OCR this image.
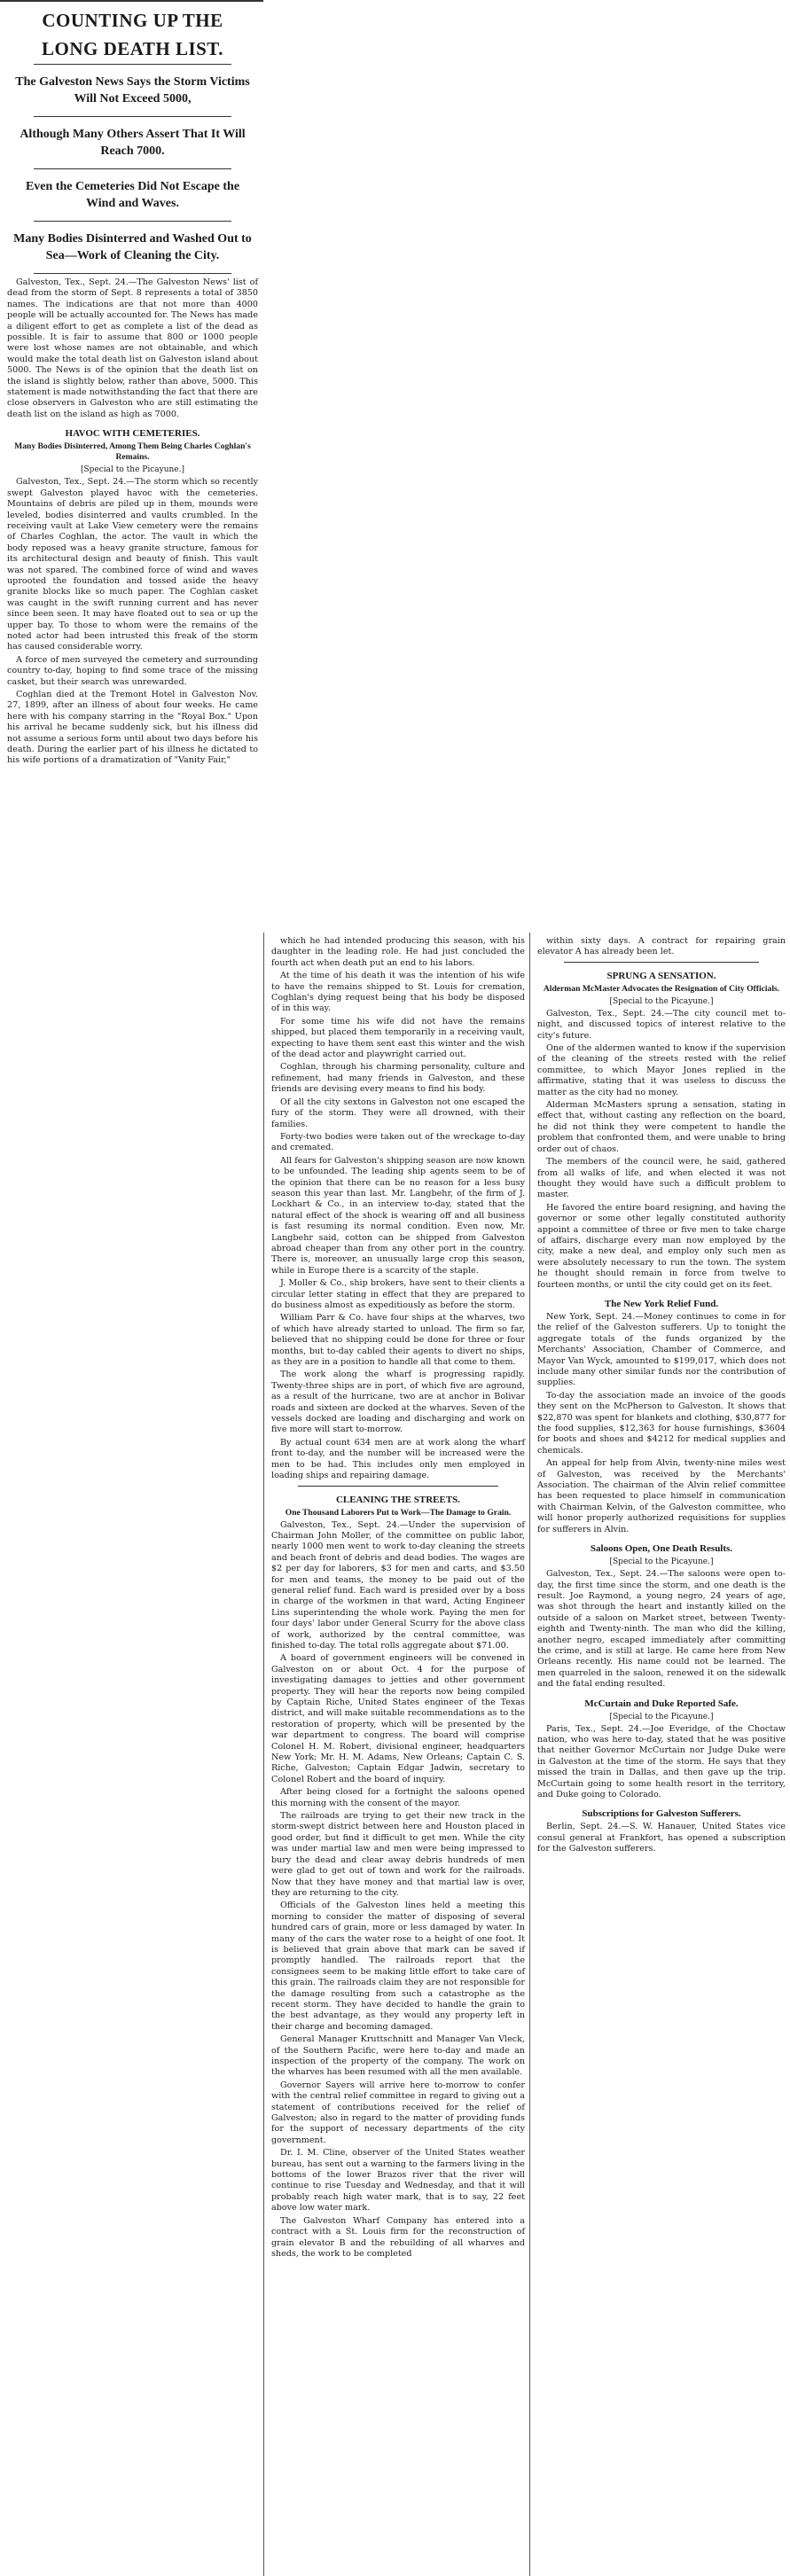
COUNTING UP THE

LONG DEATH LIST.

The Galveston News Says the Storm Victims Will Not Exceed 5000,

Although Many Others Assert That It Will Reach 7000.

Even the Cemeteries Did Not Escape the Wind and Waves.

Many Bodies Disinterred and Washed Out to Sea—Work of Cleaning the City.

Galveston, Tex., Sept. 24.—The Galveston News' list of dead from the storm of Sept. 8 represents a total of 3850 names. The indications are that not more than 4000 people will be actually accounted for. The News has made a diligent effort to get as complete a list of the dead as possible. It is fair to assume that 800 or 1000 people were lost whose names are not obtainable, and which would make the total death list on Galveston island about 5000. The News is of the opinion that the death list on the island is slightly below, rather than above, 5000. This statement is made notwithstanding the fact that there are close observers in Galveston who are still estimating the death list on the island as high as 7000.

HAVOC WITH CEMETERIES.

Many Bodies Disinterred, Among Them Being Charles Coghlan's Remains.

[Special to the Picayune.]

Galveston, Tex., Sept. 24.—The storm which so recently swept Galveston played havoc with the cemeteries. Mountains of debris are piled up in them, mounds were leveled, bodies disinterred and vaults crumbled. In the receiving vault at Lake View cemetery were the remains of Charles Coghlan, the actor. The vault in which the body reposed was a heavy granite structure, famous for its architectural design and beauty of finish. This vault was not spared. The combined force of wind and waves uprooted the foundation and tossed aside the heavy granite blocks like so much paper. The Coghlan casket was caught in the swift running current and has never since been seen. It may have floated out to sea or up the upper bay. To those to whom were the remains of the noted actor had been intrusted this freak of the storm has caused considerable worry.

A force of men surveyed the cemetery and surrounding country to-day, hoping to find some trace of the missing casket, but their search was unrewarded.

Coghlan died at the Tremont Hotel in Galveston Nov. 27, 1899, after an illness of about four weeks. He came here with his company starring in the "Royal Box." Upon his arrival he became suddenly sick, but his illness did not assume a serious form until about two days before his death. During the earlier part of his illness he dictated to his wife portions of a dramatization of "Vanity Fair,"

which he had intended producing this season, with his daughter in the leading role. He had just concluded the fourth act when death put an end to his labors.

At the time of his death it was the intention of his wife to have the remains shipped to St. Louis for cremation, Coghlan's dying request being that his body be disposed of in this way.

For some time his wife did not have the remains shipped, but placed them temporarily in a receiving vault, expecting to have them sent east this winter and the wish of the dead actor and playwright carried out.

Coghlan, through his charming personality, culture and refinement, had many friends in Galveston, and these friends are devising every means to find his body.

Of all the city sextons in Galveston not one escaped the fury of the storm. They were all drowned, with their families.

Forty-two bodies were taken out of the wreckage to-day and cremated.

All fears for Galveston's shipping season are now known to be unfounded. The leading ship agents seem to be of the opinion that there can be no reason for a less busy season this year than last. Mr. Langbehr, of the firm of J. Lockhart & Co., in an interview to-day, stated that the natural effect of the shock is wearing off and all business is fast resuming its normal condition. Even now, Mr. Langbehr said, cotton can be shipped from Galveston abroad cheaper than from any other port in the country. There is, moreover, an unusually large crop this season, while in Europe there is a scarcity of the staple.

J. Moller & Co., ship brokers, have sent to their clients a circular letter stating in effect that they are prepared to do business almost as expeditiously as before the storm.

William Parr & Co. have four ships at the wharves, two of which have already started to unload. The firm so far, believed that no shipping could be done for three or four months, but to-day cabled their agents to divert no ships, as they are in a position to handle all that come to them.

The work along the wharf is progressing rapidly. Twenty-three ships are in port, of which five are aground, as a result of the hurricane, two are at anchor in Bolivar roads and sixteen are docked at the wharves. Seven of the vessels docked are loading and discharging and work on five more will start to-morrow.

By actual count 634 men are at work along the wharf front to-day, and the number will be increased were the men to be had. This includes only men employed in loading ships and repairing damage.

CLEANING THE STREETS.

One Thousand Laborers Put to Work—The Damage to Grain.

Galveston, Tex., Sept. 24.—Under the supervision of Chairman John Moller, of the committee on public labor, nearly 1000 men went to work to-day cleaning the streets and beach front of debris and dead bodies. The wages are $2 per day for laborers, $3 for men and carts, and $3.50 for men and teams, the money to be paid out of the general relief fund. Each ward is presided over by a boss in charge of the workmen in that ward, Acting Engineer Lins superintending the whole work. Paying the men for four days' labor under General Scurry for the above class of work, authorized by the central committee, was finished to-day. The total rolls aggregate about $71.00.

A board of government engineers will be convened in Galveston on or about Oct. 4 for the purpose of investigating damages to jetties and other government property. They will hear the reports now being compiled by Captain Riche, United States engineer of the Texas district, and will make suitable recommendations as to the restoration of property, which will be presented by the war department to congress. The board will comprise Colonel H. M. Robert, divisional engineer, headquarters New York; Mr. H. M. Adams, New Orleans; Captain C. S. Riche, Galveston; Captain Edgar Jadwin, secretary to Colonel Robert and the board of inquiry.

After being closed for a fortnight the saloons opened this morning with the consent of the mayor.

The railroads are trying to get their new track in the storm-swept district between here and Houston placed in good order, but find it difficult to get men. While the city was under martial law and men were being impressed to bury the dead and clear away debris hundreds of men were glad to get out of town and work for the railroads. Now that they have money and that martial law is over, they are returning to the city.

Officials of the Galveston lines held a meeting this morning to consider the matter of disposing of several hundred cars of grain, more or less damaged by water. In many of the cars the water rose to a height of one foot. It is believed that grain above that mark can be saved if promptly handled. The railroads report that the consignees seem to be making little effort to take care of this grain. The railroads claim they are not responsible for the damage resulting from such a catastrophe as the recent storm. They have decided to handle the grain to the best advantage, as they would any property left in their charge and becoming damaged.

General Manager Kruttschnitt and Manager Van Vleck, of the Southern Pacific, were here to-day and made an inspection of the property of the company. The work on the wharves has been resumed with all the men available.

Governor Sayers will arrive here to-morrow to confer with the central relief committee in regard to giving out a statement of contributions received for the relief of Galveston; also in regard to the matter of providing funds for the support of necessary departments of the city government.

Dr. I. M. Cline, observer of the United States weather bureau, has sent out a warning to the farmers living in the bottoms of the lower Brazos river that the river will continue to rise Tuesday and Wednesday, and that it will probably reach high water mark, that is to say, 22 feet above low water mark.

The Galveston Wharf Company has entered into a contract with a St. Louis firm for the reconstruction of grain elevator B and the rebuilding of all wharves and sheds, the work to be completed

within sixty days. A contract for repairing grain elevator A has already been let.

SPRUNG A SENSATION.

Alderman McMaster Advocates the Resignation of City Officials.

[Special to the Picayune.]

Galveston, Tex., Sept. 24.—The city council met to-night, and discussed topics of interest relative to the city's future.

One of the aldermen wanted to know if the supervision of the cleaning of the streets rested with the relief committee, to which Mayor Jones replied in the affirmative, stating that it was useless to discuss the matter as the city had no money.

Alderman McMasters sprung a sensation, stating in effect that, without casting any reflection on the board, he did not think they were competent to handle the problem that confronted them, and were unable to bring order out of chaos.

The members of the council were, he said, gathered from all walks of life, and when elected it was not thought they would have such a difficult problem to master.

He favored the entire board resigning, and having the governor or some other legally constituted authority appoint a committee of three or five men to take charge of affairs, discharge every man now employed by the city, make a new deal, and employ only such men as were absolutely necessary to run the town. The system he thought should remain in force from twelve to fourteen months, or until the city could get on its feet.

The New York Relief Fund.

New York, Sept. 24.—Money continues to come in for the relief of the Galveston sufferers. Up to tonight the aggregate totals of the funds organized by the Merchants' Association, Chamber of Commerce, and Mayor Van Wyck, amounted to $199,017, which does not include many other similar funds nor the contribution of supplies.

To-day the association made an invoice of the goods they sent on the McPherson to Galveston. It shows that $22,870 was spent for blankets and clothing, $30,877 for the food supplies, $12,363 for house furnishings, $3604 for boots and shoes and $4212 for medical supplies and chemicals.

An appeal for help from Alvin, twenty-nine miles west of Galveston, was received by the Merchants' Association. The chairman of the Alvin relief committee has been requested to place himself in communication with Chairman Kelvin, of the Galveston committee, who will honor properly authorized requisitions for supplies for sufferers in Alvin.

Saloons Open, One Death Results.

[Special to the Picayune.]

Galveston, Tex., Sept. 24.—The saloons were open to-day, the first time since the storm, and one death is the result. Joe Raymond, a young negro, 24 years of age, was shot through the heart and instantly killed on the outside of a saloon on Market street, between Twenty-eighth and Twenty-ninth. The man who did the killing, another negro, escaped immediately after committing the crime, and is still at large. He came here from New Orleans recently. His name could not be learned. The men quarreled in the saloon, renewed it on the sidewalk and the fatal ending resulted.

McCurtain and Duke Reported Safe.

[Special to the Picayune.]

Paris, Tex., Sept. 24.—Joe Everidge, of the Choctaw nation, who was here to-day, stated that he was positive that neither Governor McCurtain nor Judge Duke were in Galveston at the time of the storm. He says that they missed the train in Dallas, and then gave up the trip. McCurtain going to some health resort in the territory, and Duke going to Colorado.

Subscriptions for Galveston Sufferers.

Berlin, Sept. 24.—S. W. Hanauer, United States vice consul general at Frankfort, has opened a subscription for the Galveston sufferers.
